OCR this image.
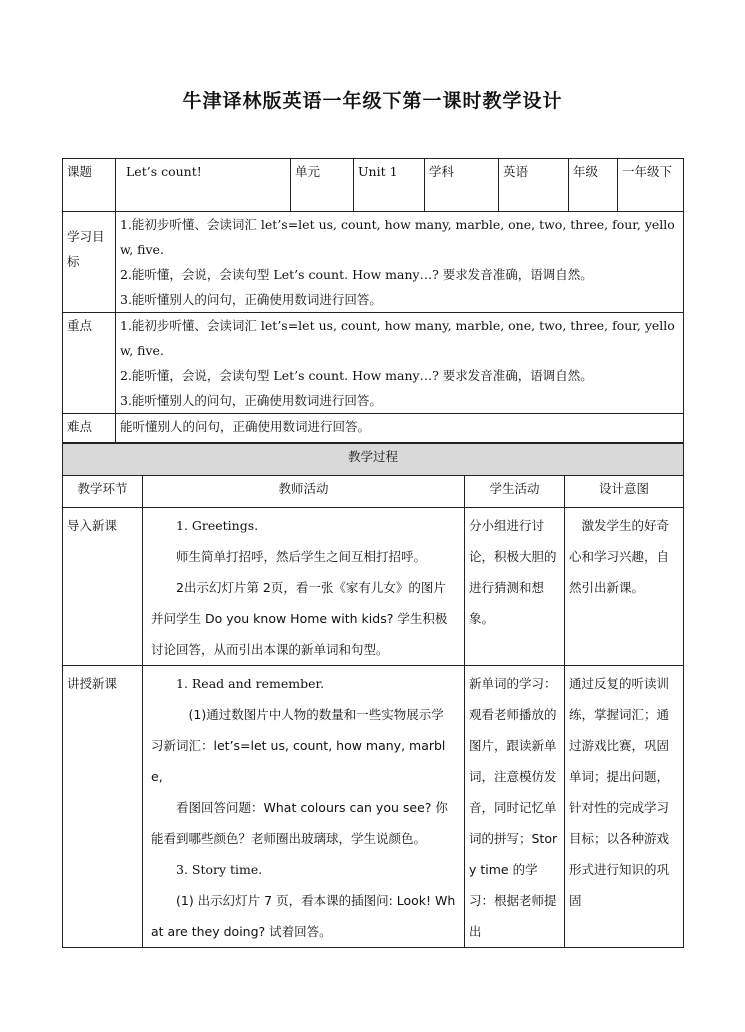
牛津译林版英语一年级下第一课时教学设计
课题	Let’s count!	单元	Unit 1	学科	英语	年级	一年级下
学习目标	1.能初步听懂、会读词汇 let’s=let us, count, how many, marble, one, two, three, four, yellow, five.

2.能听懂，会说，会读句型 Let’s count. How many…? 要求发音准确，语调自然。

3.能听懂别人的问句，正确使用数词进行回答。						

重点	1.能初步听懂、会读词汇 let’s=let us, count, how many, marble, one, two, three, four, yellow, five.

2.能听懂，会说，会读句型 Let’s count. How many…? 要求发音准确，语调自然。

3.能听懂别人的问句，正确使用数词进行回答。						

难点	能听懂别人的问句，正确使用数词进行回答。						
教学过程			
教学环节	教师活动	学生活动	设计意图
导入新课	1. Greetings.

师生简单打招呼，然后学生之间互相打招呼。

2出示幻灯片第 2页，看一张《家有儿女》的图片并问学生 Do you know Home with kids? 学生积极讨论回答，从而引出本课的新单词和句型。	分小组进行讨论，积极大胆的进行猜测和想象。	激发学生的好奇心和学习兴趣，自然引出新课。
讲授新课	1. Read and remember.

(1)通过数图片中人物的数量和一些实物展示学习新词汇：let’s=let us, count, how many, marble,

看图回答问题：What colours can you see? 你能看到哪些颜色？老师圈出玻璃球，学生说颜色。

3. Story time.

(1) 出示幻灯片 7 页，看本课的插图问: Look! What are they doing? 试着回答。	新单词的学习：观看老师播放的图片，跟读新单词，注意模仿发音，同时记忆单词的拼写；Story time 的学习：根据老师提出	通过反复的听读训练，掌握词汇；通过游戏比赛，巩固单词；提出问题，针对性的完成学习目标；以各种游戏形式进行知识的巩固
